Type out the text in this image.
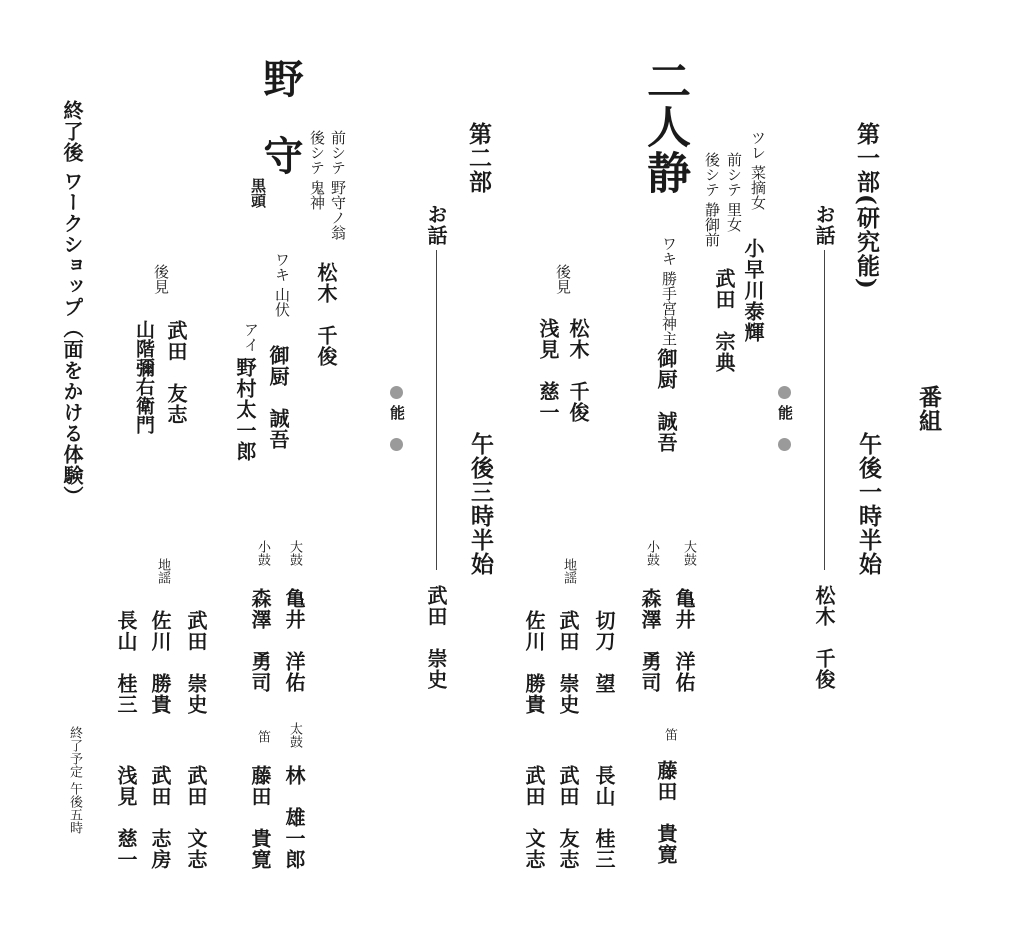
番組
第一部(研究能)
お話
松木　千俊
午後一時半始
能
二人静	ツレ 菜摘女
小早川泰輝
前シテ 里女
武田　宗典
後シテ 静御前
ワキ 勝手宮神主
御厨　誠吾
後見
松木　千俊
浅見　慈一
大鼓
亀井　洋佑
小鼓
森澤　勇司
笛
藤田　貴寛
地謡
切刀　望
長山　桂三
武田　崇史
武田　友志
佐川　勝貴
武田　文志
第二部
お話
武田　崇史
午後三時半始
能
野
守
黒頭	前シテ 野守ノ翁
松木　千俊
後シテ 鬼神
ワキ 山伏
御厨　誠吾
アイ
野村太一郎
後見
武田　友志
山階彌右衛門
大鼓
亀井　洋佑
小鼓
森澤　勇司
太鼓
林　雄一郎
笛
藤田　貴寛
地謡
武田　崇史
武田　文志
佐川　勝貴
武田　志房
長山　桂三
浅見　慈一
終了後 ワークショップ（面をかける体験）
終了予定 午後五時
